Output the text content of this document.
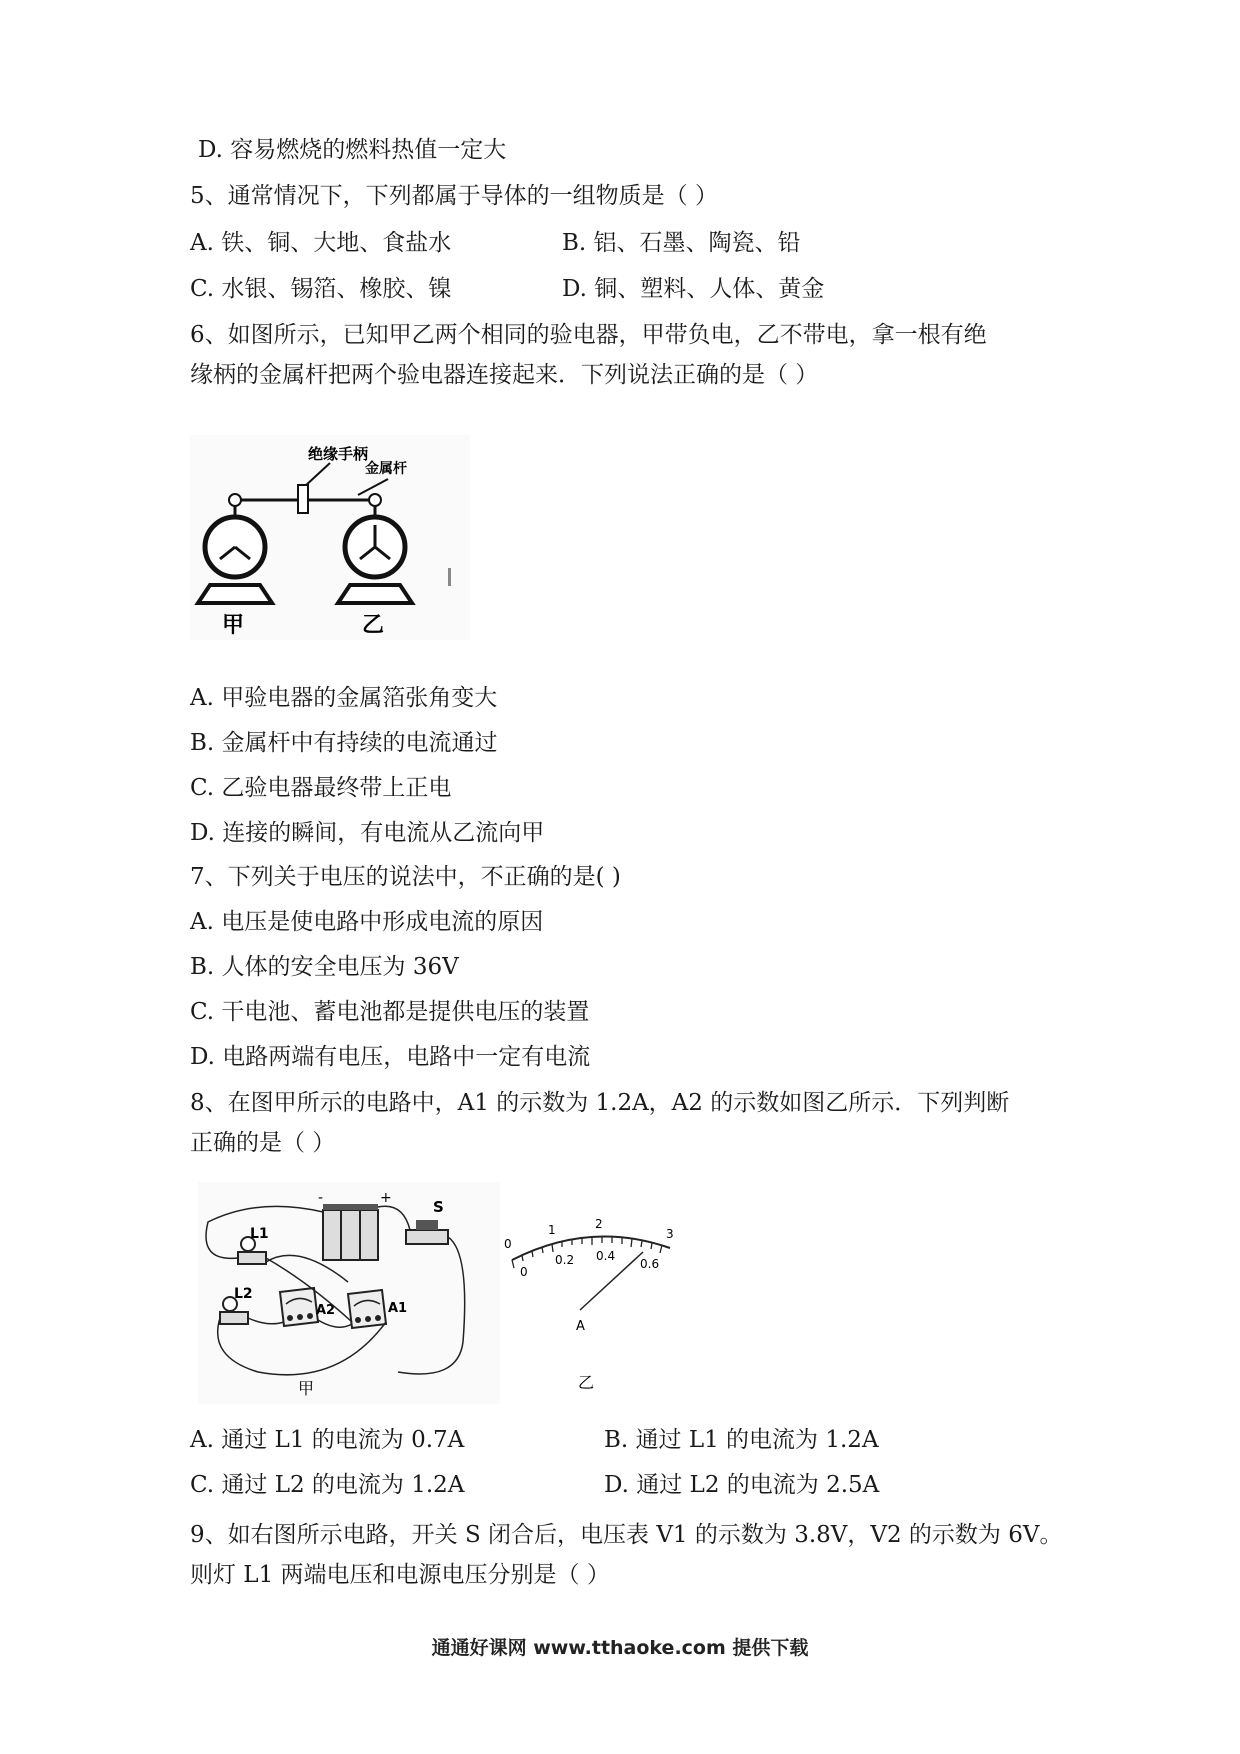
D. 容易燃烧的燃料热值一定大
5、通常情况下，下列都属于导体的一组物质是（ ）
A. 铁、铜、大地、食盐水	B. 铝、石墨、陶瓷、铅
C. 水银、锡箔、橡胶、镍	D. 铜、塑料、人体、黄金
6、如图所示，已知甲乙两个相同的验电器，甲带负电，乙不带电，拿一根有绝
缘柄的金属杆把两个验电器连接起来．下列说法正确的是（ ）
绝缘手柄
金属杆
甲	乙
A. 甲验电器的金属箔张角变大
B. 金属杆中有持续的电流通过
C. 乙验电器最终带上正电
D. 连接的瞬间，有电流从乙流向甲
7、下列关于电压的说法中，不正确的是( )
A. 电压是使电路中形成电流的原因
B. 人体的安全电压为 36V
C. 干电池、蓄电池都是提供电压的装置
D. 电路两端有电压，电路中一定有电流
8、在图甲所示的电路中，A1 的示数为 1.2A，A2 的示数如图乙所示．下列判断
正确的是（ ）
-	+	S
L1
L2
A2	A1
甲
0
1	2
3
0
0.2 0.4
0.6
A
乙
A. 通过 L1 的电流为 0.7A	B. 通过 L1 的电流为 1.2A
C. 通过 L2 的电流为 1.2A	D. 通过 L2 的电流为 2.5A
9、如右图所示电路，开关 S 闭合后，电压表 V1 的示数为 3.8V，V2 的示数为 6V。
则灯 L1 两端电压和电源电压分别是（ ）
通通好课网 www.tthaoke.com 提供下载
